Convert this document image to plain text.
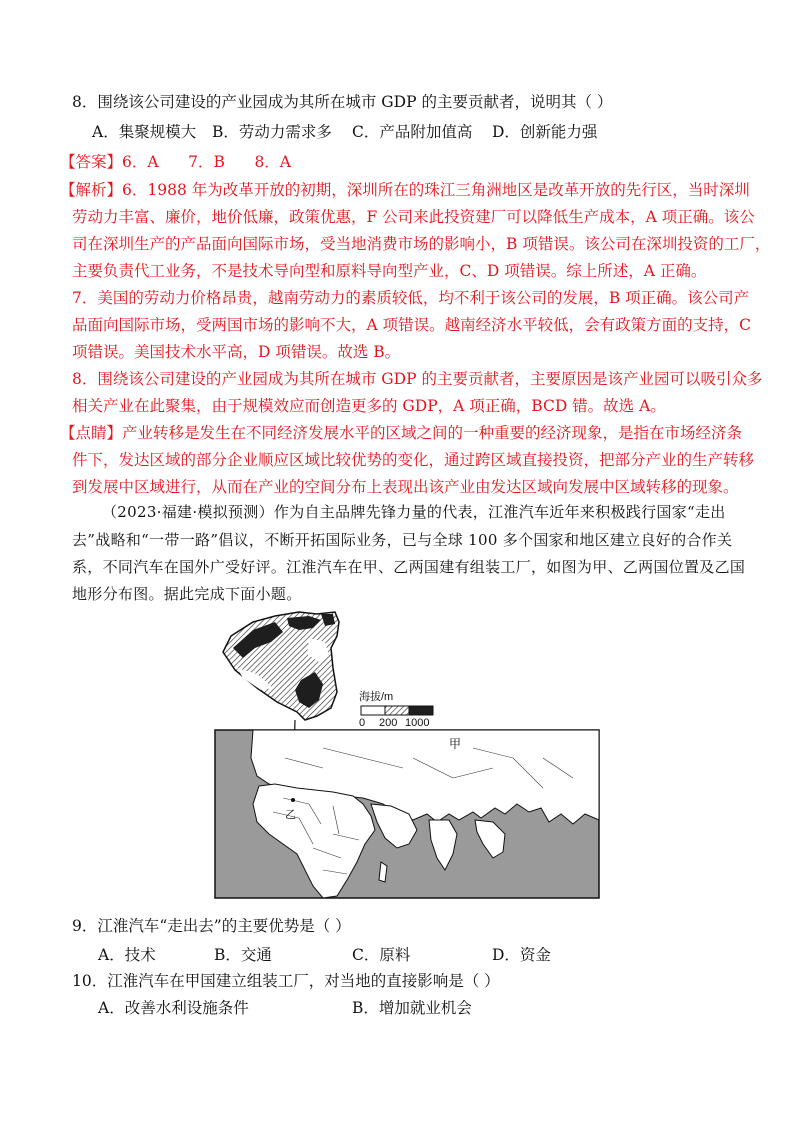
8．围绕该公司建设的产业园成为其所在城市 GDP 的主要贡献者，说明其（ ）
A．集聚规模大 B．劳动力需求多 C．产品附加值高 D．创新能力强
【答案】6．A      7．B      8．A
【解析】6．1988 年为改革开放的初期，深圳所在的珠江三角洲地区是改革开放的先行区，当时深圳
劳动力丰富、廉价，地价低廉，政策优惠，F 公司来此投资建厂可以降低生产成本，A 项正确。该公
司在深圳生产的产品面向国际市场，受当地消费市场的影响小，B 项错误。该公司在深圳投资的工厂，
主要负责代工业务，不是技术导向型和原料导向型产业，C、D 项错误。综上所述，A 正确。
7．美国的劳动力价格昂贵，越南劳动力的素质较低，均不利于该公司的发展，B 项正确。该公司产
品面向国际市场，受两国市场的影响不大，A 项错误。越南经济水平较低，会有政策方面的支持，C
项错误。美国技术水平高，D 项错误。故选 B。
8．围绕该公司建设的产业园成为其所在城市 GDP 的主要贡献者，主要原因是该产业园可以吸引众多
相关产业在此聚集，由于规模效应而创造更多的 GDP，A 项正确，BCD 错。故选 A。
【点睛】产业转移是发生在不同经济发展水平的区域之间的一种重要的经济现象，是指在市场经济条
件下，发达区域的部分企业顺应区域比较优势的变化，通过跨区域直接投资，把部分产业的生产转移
到发展中区域进行，从而在产业的空间分布上表现出该产业由发达区域向发展中区域转移的现象。
（2023·福建·模拟预测）作为自主品牌先锋力量的代表，江淮汽车近年来积极践行国家“走出
去”战略和“一带一路”倡议，不断开拓国际业务，已与全球 100 多个国家和地区建立良好的合作关
系，不同汽车在国外广受好评。江淮汽车在甲、乙两国建有组装工厂，如图为甲、乙两国位置及乙国
地形分布图。据此完成下面小题。
海拔/m
0 200 1000
乙
甲
9．江淮汽车“走出去”的主要优势是（ ）
A．技术	B．交通	C．原料	D．资金
10．江淮汽车在甲国建立组装工厂，对当地的直接影响是（ ）
A．改善水利设施条件	B．增加就业机会
